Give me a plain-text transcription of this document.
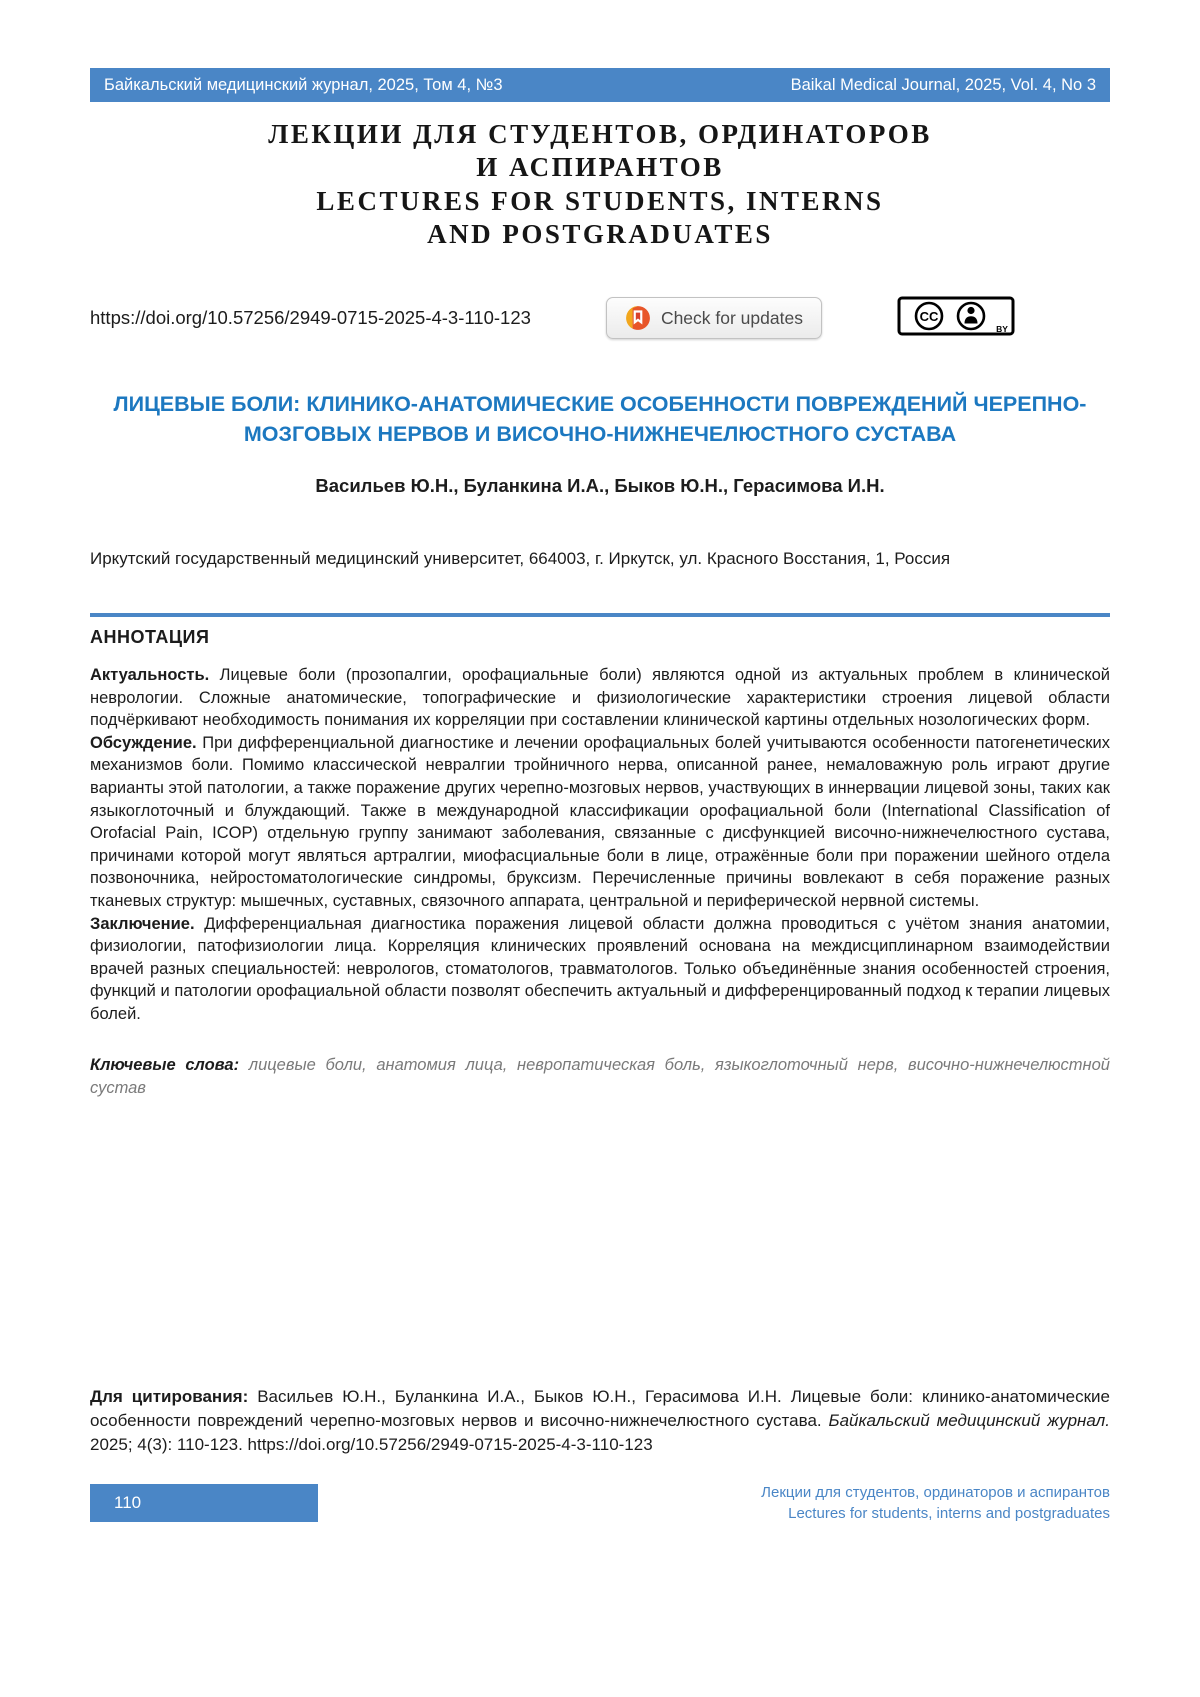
Байкальский медицинский журнал, 2025, Том 4, №3	Baikal Medical Journal, 2025, Vol. 4, No 3
ЛЕКЦИИ ДЛЯ СТУДЕНТОВ, ОРДИНАТОРОВ
И АСПИРАНТОВ
LECTURES FOR STUDENTS, INTERNS
AND POSTGRADUATES
https://doi.org/10.57256/2949-0715-2025-4-3-110-123	Check for updates	CC
BY
ЛИЦЕВЫЕ БОЛИ: КЛИНИКО-АНАТОМИЧЕСКИЕ ОСОБЕННОСТИ ПОВРЕЖДЕНИЙ ЧЕРЕПНО-МОЗГОВЫХ НЕРВОВ И ВИСОЧНО-НИЖНЕЧЕЛЮСТНОГО СУСТАВА
Васильев Ю.Н., Буланкина И.А., Быков Ю.Н., Герасимова И.Н.
Иркутский государственный медицинский университет, 664003, г. Иркутск, ул. Красного Восстания, 1, Россия
АННОТАЦИЯ

Актуальность. Лицевые боли (прозопалгии, орофациальные боли) являются одной из актуальных проблем в клинической неврологии. Сложные анатомические, топографические и физиологические характеристики строения лицевой области подчёркивают необходимость понимания их корреляции при составлении клинической картины отдельных нозологических форм.

Обсуждение. При дифференциальной диагностике и лечении орофациальных болей учитываются особенности патогенетических механизмов боли. Помимо классической невралгии тройничного нерва, описанной ранее, немаловажную роль играют другие варианты этой патологии, а также поражение других черепно-мозговых нервов, участвующих в иннервации лицевой зоны, таких как языкоглоточный и блуждающий. Также в международной классификации орофациальной боли (International Classification of Orofacial Pain, ICOP) отдельную группу занимают заболевания, связанные с дисфункцией височно-нижнечелюстного сустава, причинами которой могут являться артралгии, миофасциальные боли в лице, отражённые боли при поражении шейного отдела позвоночника, нейростоматологические синдромы, бруксизм. Перечисленные причины вовлекают в себя поражение разных тканевых структур: мышечных, суставных, связочного аппарата, центральной и периферической нервной системы.

Заключение. Дифференциальная диагностика поражения лицевой области должна проводиться с учётом знания анатомии, физиологии, патофизиологии лица. Корреляция клинических проявлений основана на междисциплинарном взаимодействии врачей разных специальностей: неврологов, стоматологов, травматологов. Только объединённые знания особенностей строения, функций и патологии орофациальной области позволят обеспечить актуальный и дифференцированный подход к терапии лицевых болей.

Ключевые слова: лицевые боли, анатомия лица, невропатическая боль, языкоглоточный нерв, височно-нижнечелюстной сустав

Для цитирования: Васильев Ю.Н., Буланкина И.А., Быков Ю.Н., Герасимова И.Н. Лицевые боли: клинико-анатомические особенности повреждений черепно-мозговых нервов и височно-нижнечелюстного сустава. Байкальский медицинский журнал. 2025; 4(3): 110-123. https://doi.org/10.57256/2949-0715-2025-4-3-110-123

110
Лекции для студентов, ординаторов и аспирантов
Lectures for students, interns and postgraduates
